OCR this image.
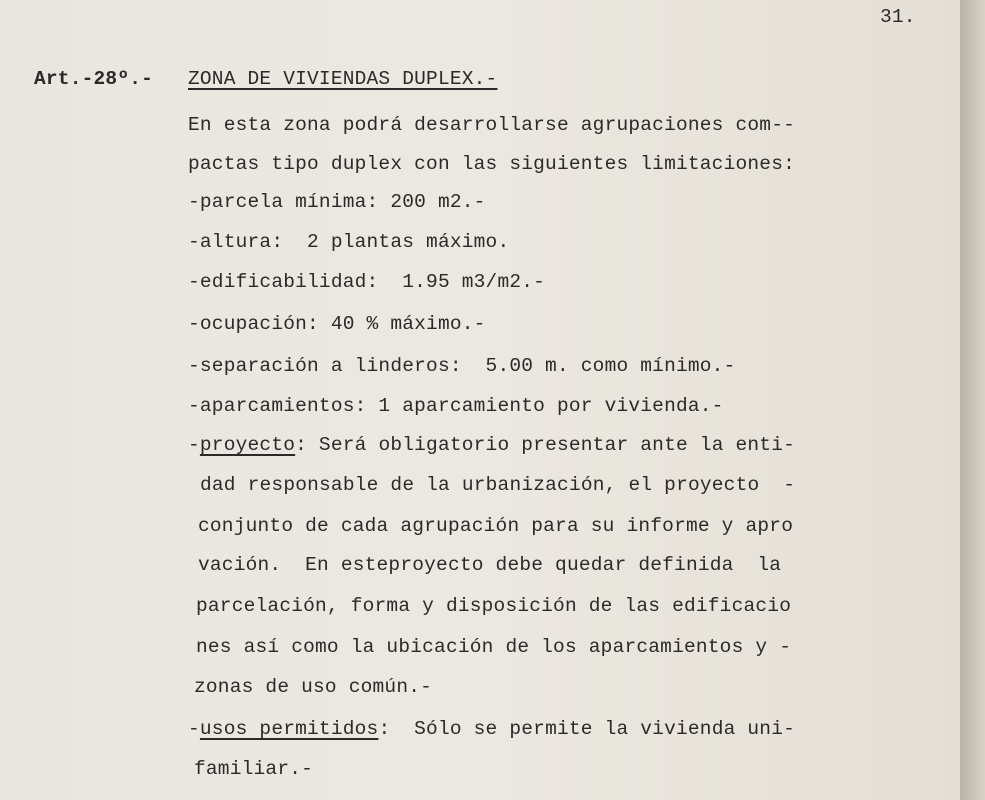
31.
Art.-28º.- ZONA DE VIVIENDAS DUPLEX.-
En esta zona podrá desarrollarse agrupaciones com--
pactas tipo duplex con las siguientes limitaciones:
-parcela mínima: 200 m2.-
-altura:  2 plantas máximo.
-edificabilidad:  1.95 m3/m2.-
-ocupación: 40 % máximo.-
-separación a linderos:  5.00 m. como mínimo.-
-aparcamientos: 1 aparcamiento por vivienda.-
-proyecto: Será obligatorio presentar ante la enti-
dad responsable de la urbanización, el proyecto  -
conjunto de cada agrupación para su informe y apro
vación.  En esteproyecto debe quedar definida  la
parcelación, forma y disposición de las edificacio
nes así como la ubicación de los aparcamientos y -
zonas de uso común.-
-usos permitidos:  Sólo se permite la vivienda uni-
familiar.-
